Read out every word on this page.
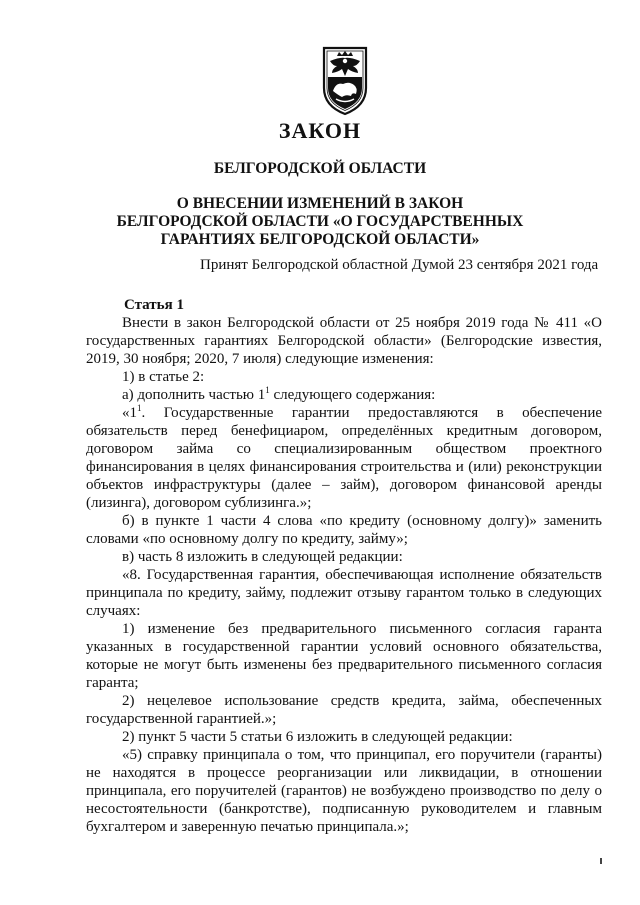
ЗАКОН
БЕЛГОРОДСКОЙ ОБЛАСТИ
О ВНЕСЕНИИ ИЗМЕНЕНИЙ В ЗАКОН
БЕЛГОРОДСКОЙ ОБЛАСТИ «О ГОСУДАРСТВЕННЫХ
ГАРАНТИЯХ БЕЛГОРОДСКОЙ ОБЛАСТИ»
Принят Белгородской областной Думой 23 сентября 2021 года
Статья 1

Внести в закон Белгородской области от 25 ноября 2019 года № 411 «О государственных гарантиях Белгородской области» (Белгородские известия, 2019, 30 ноября; 2020, 7 июля) следующие изменения:

1) в статье 2:

а) дополнить частью $1^1$ следующего содержания:

«$1^1$. Государственные гарантии предоставляются в обеспечение обязательств перед бенефициаром, определённых кредитным договором, договором займа со специализированным обществом проектного финансирования в целях финансирования строительства и (или) реконструкции объектов инфраструктуры (далее – займ), договором финансовой аренды (лизинга), договором сублизинга.»;

б) в пункте 1 части 4 слова «по кредиту (основному долгу)» заменить словами «по основному долгу по кредиту, займу»;

в) часть 8 изложить в следующей редакции:

«8. Государственная гарантия, обеспечивающая исполнение обязательств принципала по кредиту, займу, подлежит отзыву гарантом только в следующих случаях:

1) изменение без предварительного письменного согласия гаранта указанных в государственной гарантии условий основного обязательства, которые не могут быть изменены без предварительного письменного согласия гаранта;

2) нецелевое использование средств кредита, займа, обеспеченных государственной гарантией.»;

2) пункт 5 части 5 статьи 6 изложить в следующей редакции:

«5) справку принципала о том, что принципал, его поручители (гаранты) не находятся в процессе реорганизации или ликвидации, в отношении принципала, его поручителей (гарантов) не возбуждено производство по делу о несостоятельности (банкротстве), подписанную руководителем и главным бухгалтером и заверенную печатью принципала.»;
